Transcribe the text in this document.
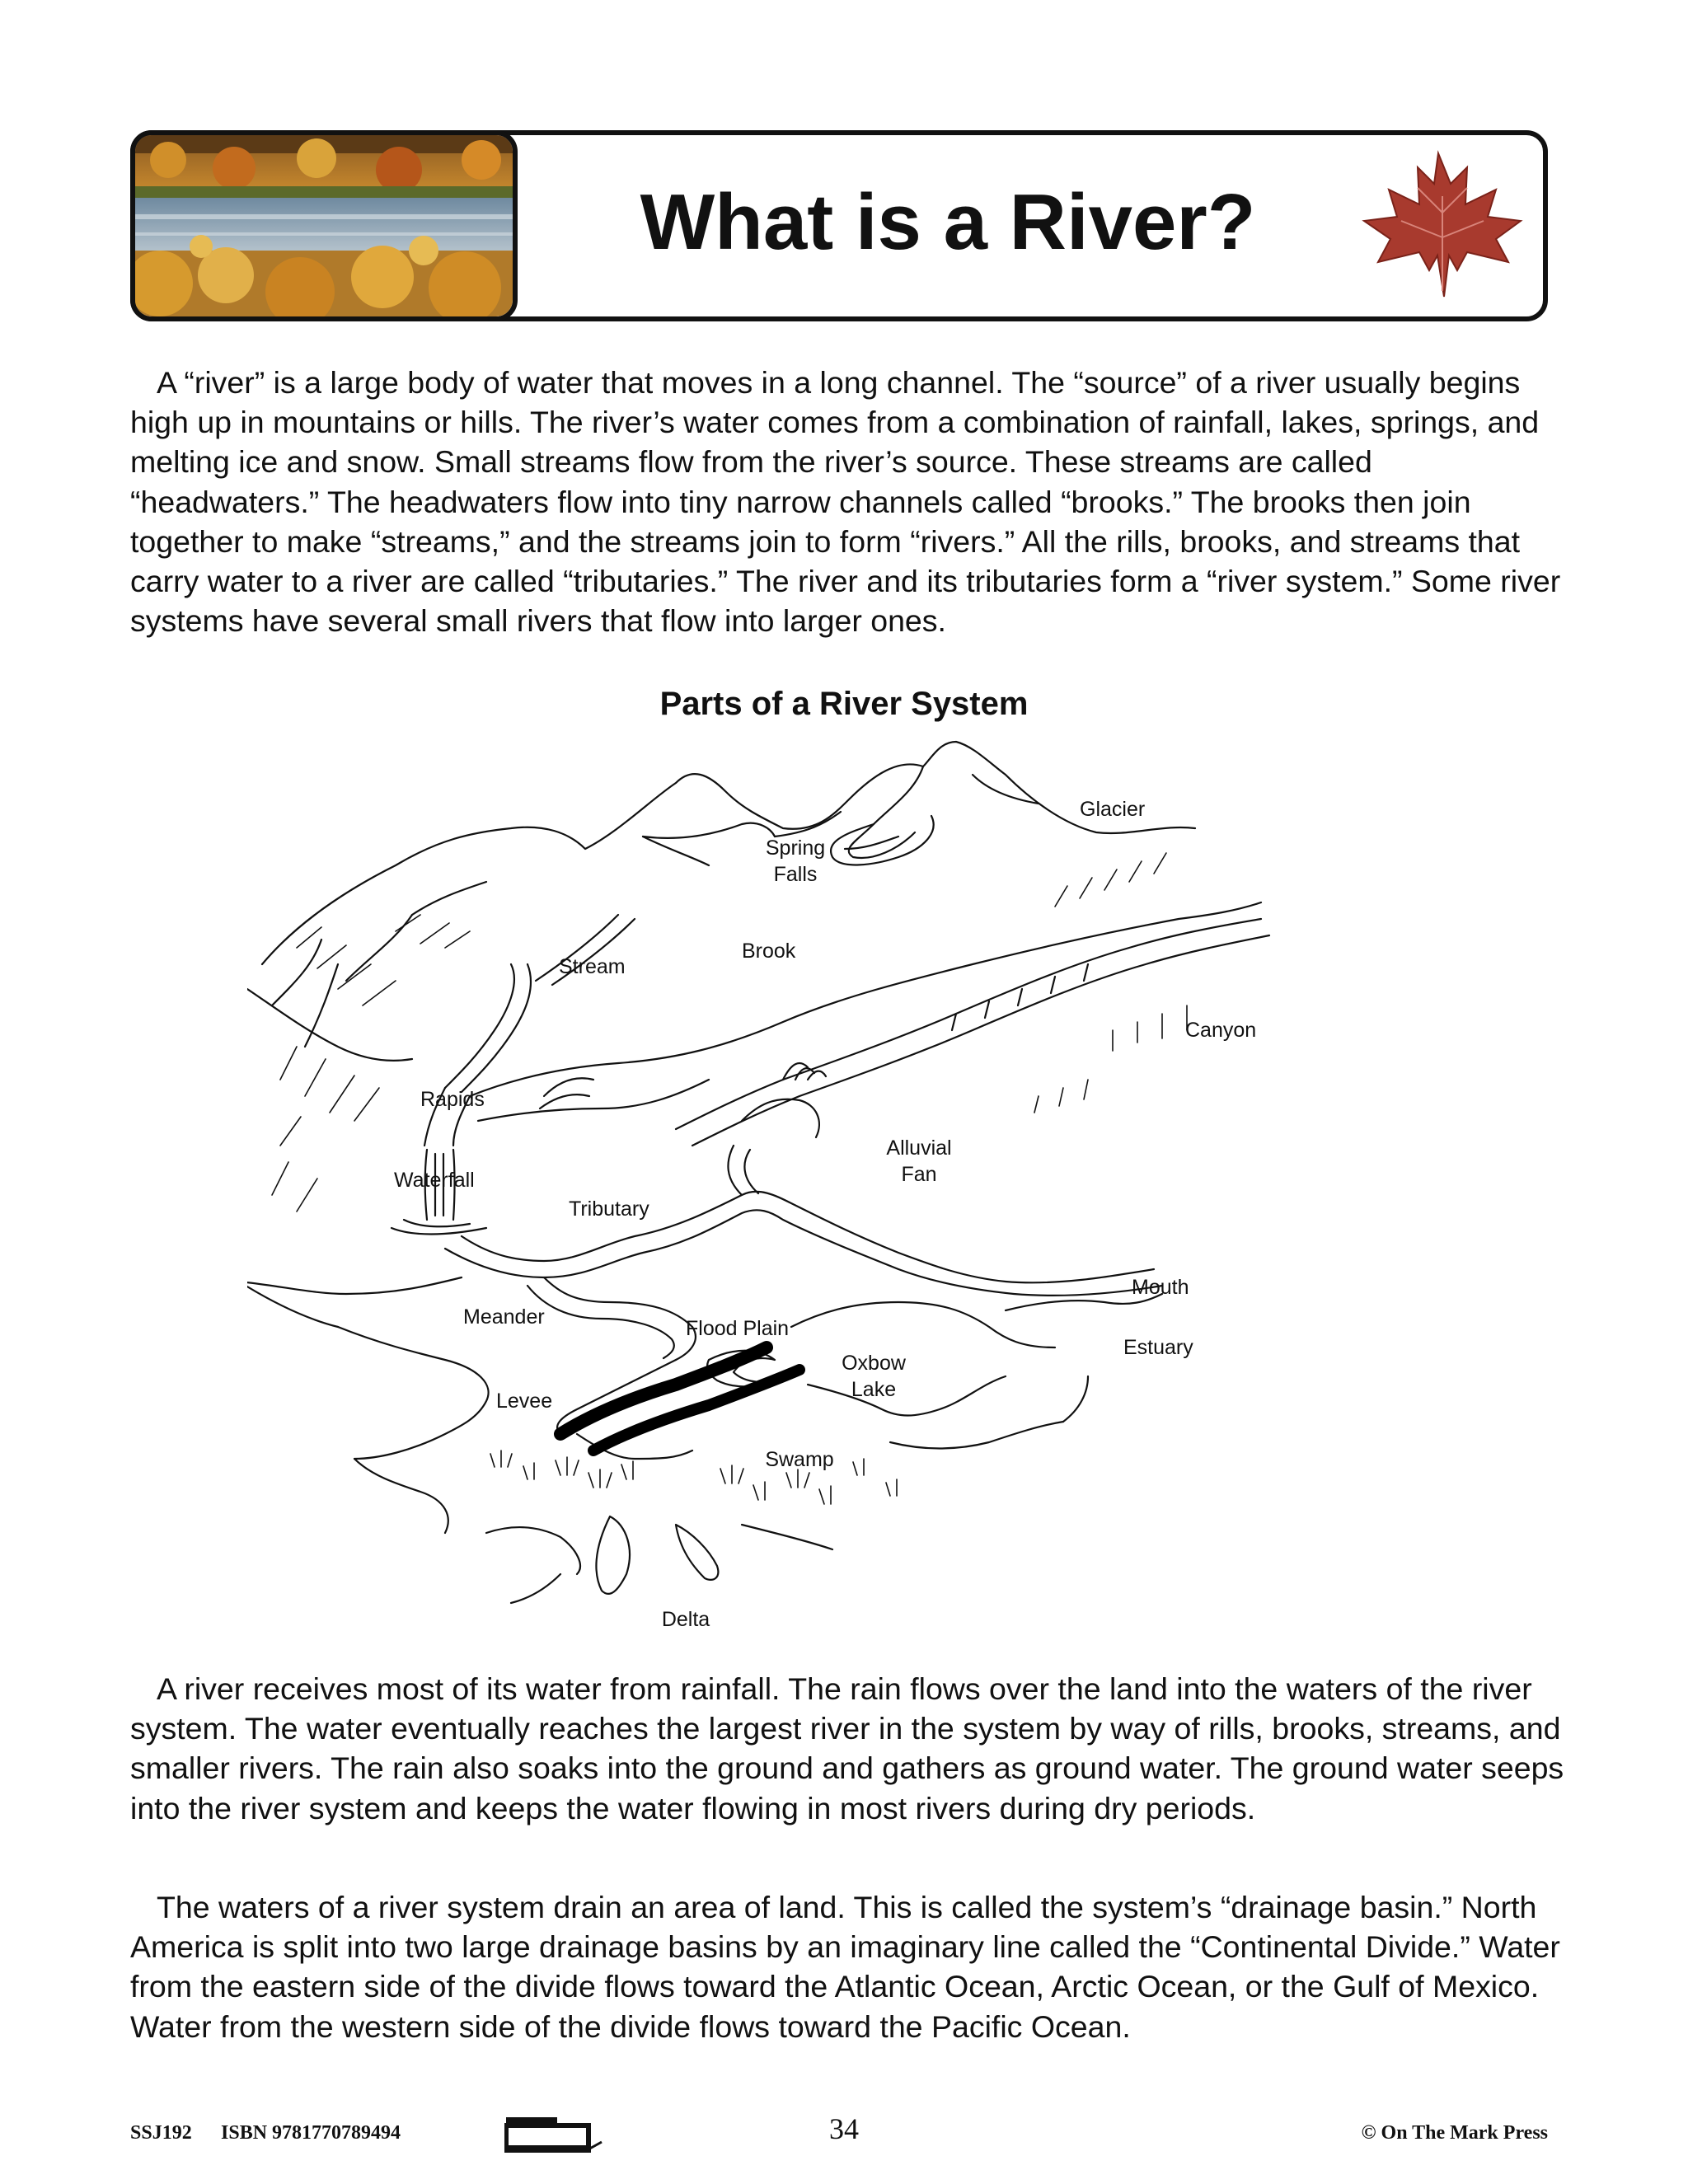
What is a River?

A “river” is a large body of water that moves in a long channel. The “source” of a river usually begins high up in mountains or hills. The river’s water comes from a combination of rainfall, lakes, springs, and melting ice and snow. Small streams flow from the river’s source. These streams are called “headwaters.” The headwaters flow into tiny narrow channels called “brooks.” The brooks then join together to make “streams,” and the streams join to form “rivers.” All the rills, brooks, and streams that carry water to a river are called “tributaries.” The river and its tributaries form a “river system.” Some river systems have several small rivers that flow into larger ones.

Parts of a River System
Glacier
Spring
Falls
Brook
Stream
Canyon
Rapids
Alluvial
Fan
Waterfall
Tributary
Mouth
Meander	Flood Plain
Estuary
Oxbow
Lake
Levee
Swamp
Delta

A river receives most of its water from rainfall. The rain flows over the land into the waters of the river system. The water eventually reaches the largest river in the system by way of rills, brooks, streams, and smaller rivers. The rain also soaks into the ground and gathers as ground water. The ground water seeps into the river system and keeps the water flowing in most rivers during dry periods.

The waters of a river system drain an area of land. This is called the system’s “drainage basin.” North America is split into two large drainage basins by an imaginary line called the “Continental Divide.” Water from the eastern side of the divide flows toward the Atlantic Ocean, Arctic Ocean, or the Gulf of Mexico. Water from the western side of the divide flows toward the Pacific Ocean.

SSJ192 ISBN 9781770789494	34	© On The Mark Press
